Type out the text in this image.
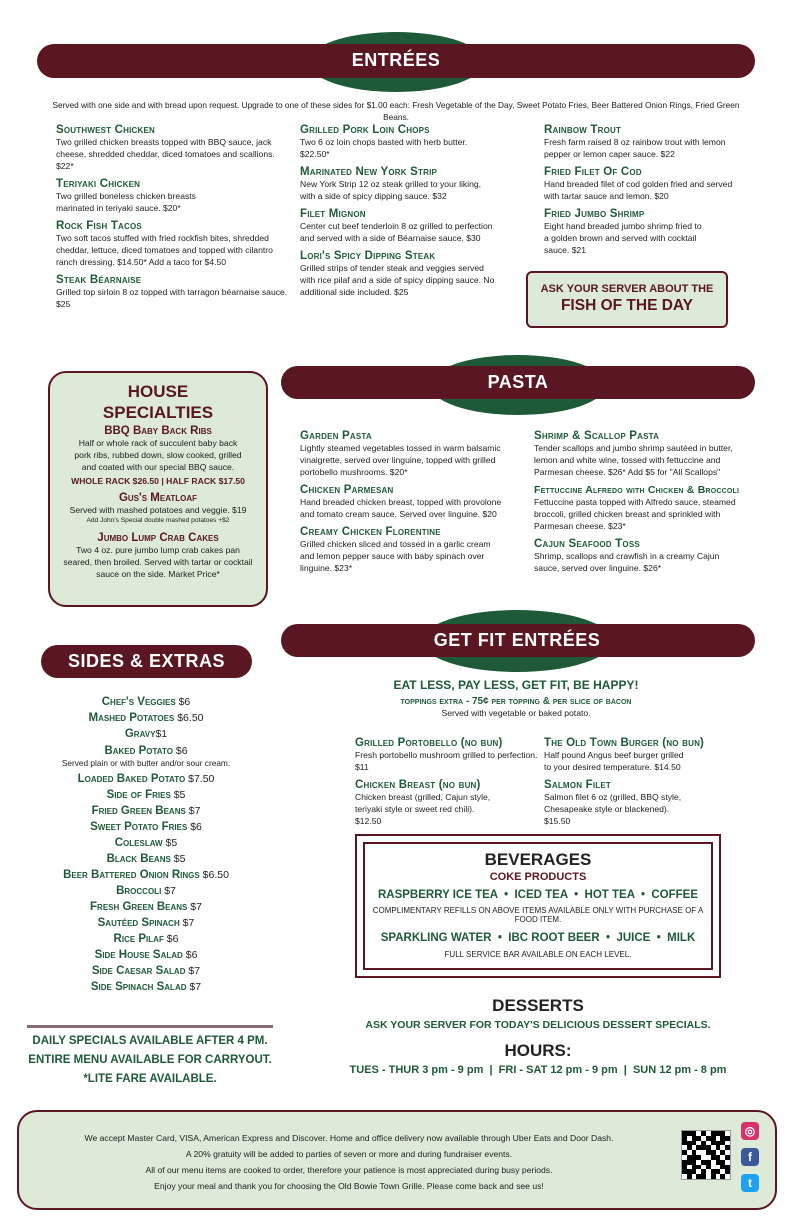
ENTRÉES
Served with one side and with bread upon request. Upgrade to one of these sides for $1.00 each: Fresh Vegetable of the Day, Sweet Potato Fries, Beer Battered Onion Rings, Fried Green Beans.
Southwest Chicken
Two grilled chicken breasts topped with BBQ sauce, jack cheese, shredded cheddar, diced tomatoes and scallions. $22*
Teriyaki Chicken
Two grilled boneless chicken breasts marinated in teriyaki sauce. $20*
Rock Fish Tacos
Two soft tacos stuffed with fried rockfish bites, shredded cheddar, lettuce, diced tomatoes and topped with cilantro ranch dressing. $14.50* Add a taco for $4.50
Steak Béarnaise
Grilled top sirloin 8 oz topped with tarragon béarnaise sauce. $25
Grilled Pork Loin Chops
Two 6 oz loin chops basted with herb butter. $22.50*
Marinated New York Strip
New York Strip 12 oz steak grilled to your liking, with a side of spicy dipping sauce. $32
Filet Mignon
Center cut beef tenderloin 8 oz grilled to perfection and served with a side of Béarnaise sauce. $30
Lori's Spicy Dipping Steak
Grilled strips of tender steak and veggies served with rice pilaf and a side of spicy dipping sauce. No additional side included. $25
Rainbow Trout
Fresh farm raised 8 oz rainbow trout with lemon pepper or lemon caper sauce. $22
Fried Filet Of Cod
Hand breaded filet of cod golden fried and served with tartar sauce and lemon. $20
Fried Jumbo Shrimp
Eight hand breaded jumbo shrimp fried to a golden brown and served with cocktail sauce. $21
ASK YOUR SERVER ABOUT THE
FISH OF THE DAY
HOUSE
SPECIALTIES
BBQ Baby Back Ribs
Half or whole rack of succulent baby back pork ribs, rubbed down, slow cooked, grilled and coated with our special BBQ sauce.
WHOLE RACK $26.50 | HALF RACK $17.50
Gus's Meatloaf
Served with mashed potatoes and veggie. $19
Add John's Special double mashed potatoes +$2
Jumbo Lump Crab Cakes
Two 4 oz. pure jumbo lump crab cakes pan seared, then broiled. Served with tartar or cocktail sauce on the side. Market Price*
PASTA
Garden Pasta
Lightly steamed vegetables tossed in warm balsamic vinaigrette, served over linguine, topped with grilled portobello mushrooms. $20*
Chicken Parmesan
Hand breaded chicken breast, topped with provolone and tomato cream sauce. Served over linguine. $20
Creamy Chicken Florentine
Grilled chicken sliced and tossed in a garlic cream and lemon pepper sauce with baby spinach over linguine. $23*
Shrimp & Scallop Pasta
Tender scallops and jumbo shrimp sautéed in butter, lemon and white wine, tossed with fettuccine and Parmesan cheese. $26* Add $5 for "All Scallops"
Fettuccine Alfredo with Chicken & Broccoli
Fettuccine pasta topped with Alfredo sauce, steamed broccoli, grilled chicken breast and sprinkled with Parmesan cheese. $23*
Cajun Seafood Toss
Shrimp, scallops and crawfish in a creamy Cajun sauce, served over linguine. $26*
SIDES & EXTRAS
Chef's Veggies $6
Mashed Potatoes $6.50
Gravy$1
Baked Potato $6
Served plain or with butter and/or sour cream.
Loaded Baked Potato $7.50
Side of Fries $5
Fried Green Beans $7
Sweet Potato Fries $6
Coleslaw $5
Black Beans $5
Beer Battered Onion Rings $6.50
Broccoli $7
Fresh Green Beans $7
Sautéed Spinach $7
Rice Pilaf $6
Side House Salad $6
Side Caesar Salad $7
Side Spinach Salad $7
DAILY SPECIALS AVAILABLE AFTER 4 PM.
ENTIRE MENU AVAILABLE FOR CARRYOUT.
*LITE FARE AVAILABLE.
GET FIT ENTRÉES
EAT LESS, PAY LESS, GET FIT, BE HAPPY!
toppings extra - 75¢ per topping & per slice of bacon
Served with vegetable or baked potato.
Grilled Portobello (no bun)
Fresh portobello mushroom grilled to perfection. $11
Chicken Breast (no bun)
Chicken breast (grilled, Cajun style, teriyaki style or sweet red chili). $12.50
The Old Town Burger (no bun)
Half pound Angus beef burger grilled to your desired temperature. $14.50
Salmon Filet
Salmon filet 6 oz (grilled, BBQ style, Chesapeake style or blackened). $15.50
BEVERAGES
COKE PRODUCTS
RASPBERRY ICE TEA  •  ICED TEA  •  HOT TEA  •  COFFEE
COMPLIMENTARY REFILLS ON ABOVE ITEMS AVAILABLE ONLY WITH PURCHASE OF A FOOD ITEM.
SPARKLING WATER  •  IBC ROOT BEER  •  JUICE  •  MILK
FULL SERVICE BAR AVAILABLE ON EACH LEVEL.
DESSERTS
ASK YOUR SERVER FOR TODAY'S DELICIOUS DESSERT SPECIALS.
HOURS:
TUES - THUR 3 pm - 9 pm  |  FRI - SAT 12 pm - 9 pm  |  SUN 12 pm - 8 pm
We accept Master Card, VISA, American Express and Discover. Home and office delivery now available through Uber Eats and Door Dash.
A 20% gratuity will be added to parties of seven or more and during fundraiser events.
All of our menu items are cooked to order, therefore your patience is most appreciated during busy periods.
Enjoy your meal and thank you for choosing the Old Bowie Town Grille. Please come back and see us!
◎
f
t
